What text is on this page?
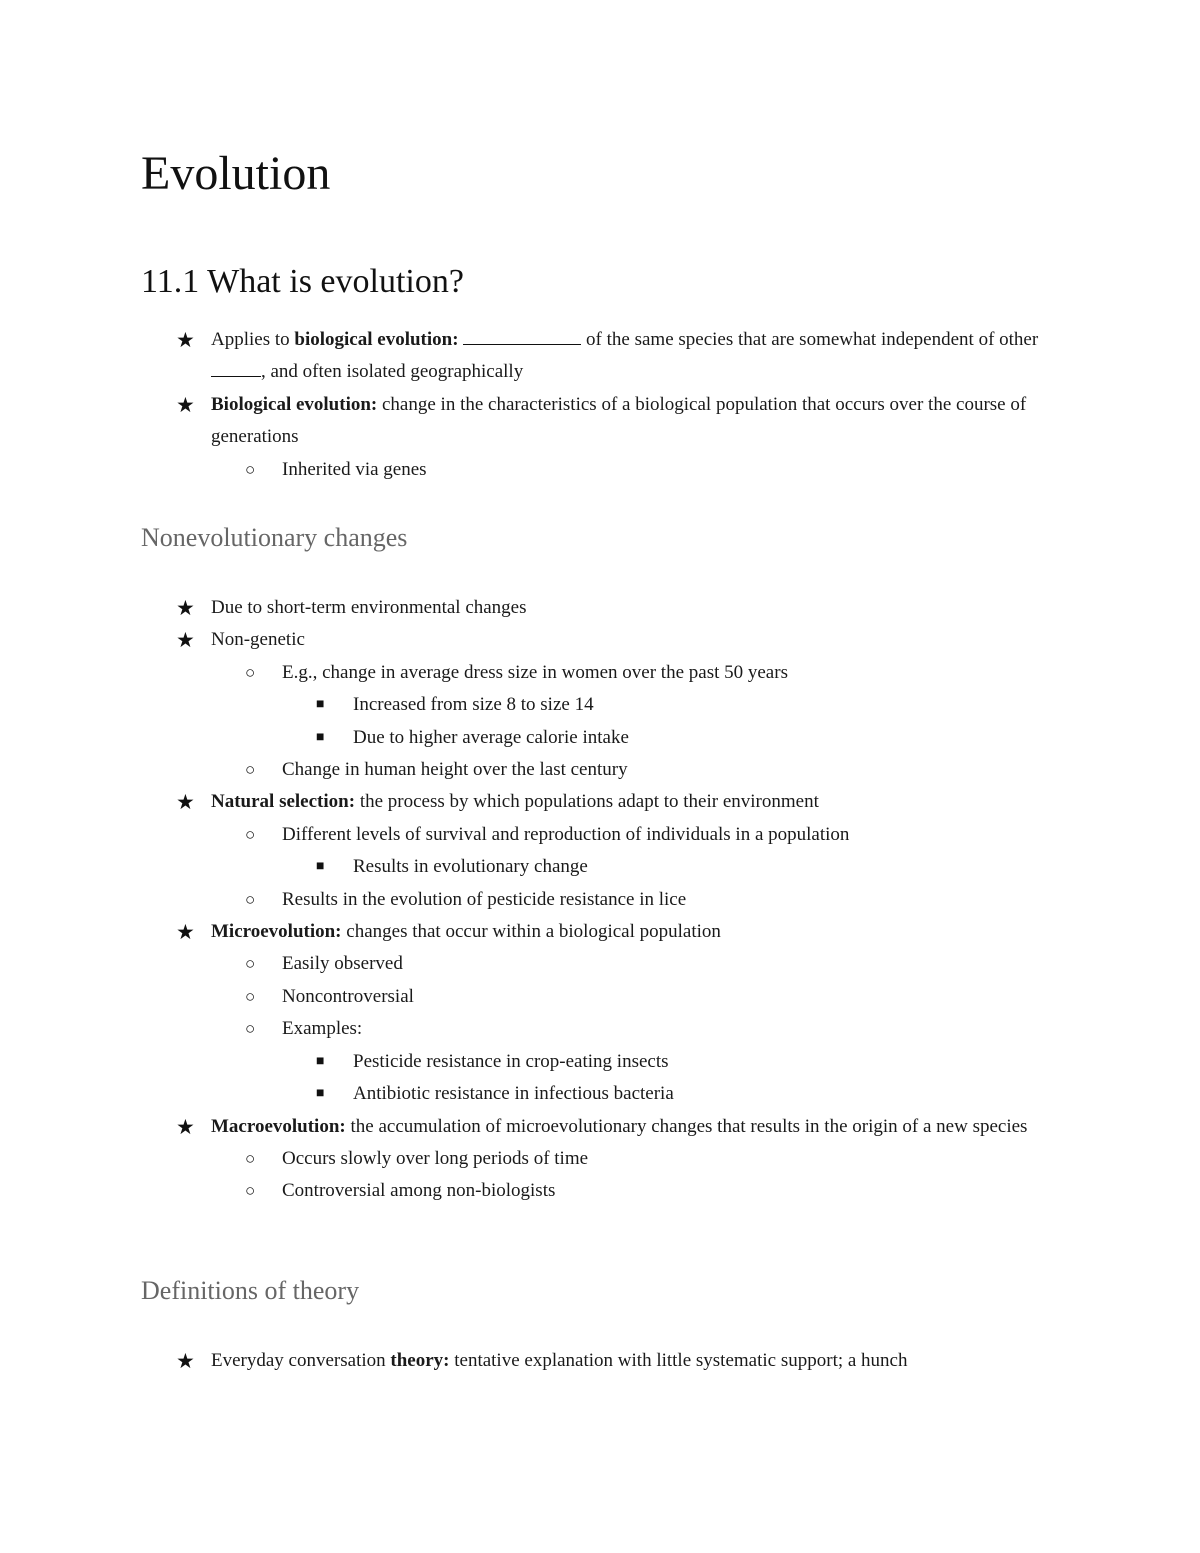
Evolution
11.1 What is evolution?
★ Applies to biological evolution:	of the same species that are somewhat independent of other , and often isolated geographically
★ Biological evolution: change in the characteristics of a biological population that occurs over the course of generations
○ Inherited via genes
Nonevolutionary changes
★ Due to short-term environmental changes
★ Non-genetic
○ E.g., change in average dress size in women over the past 50 years
■ Increased from size 8 to size 14
■ Due to higher average calorie intake
○ Change in human height over the last century
★ Natural selection: the process by which populations adapt to their environment
○ Different levels of survival and reproduction of individuals in a population
■ Results in evolutionary change
○ Results in the evolution of pesticide resistance in lice
★ Microevolution: changes that occur within a biological population
○ Easily observed
○ Noncontroversial
○ Examples:
■ Pesticide resistance in crop-eating insects
■ Antibiotic resistance in infectious bacteria
★ Macroevolution: the accumulation of microevolutionary changes that results in the origin of a new species
○ Occurs slowly over long periods of time
○ Controversial among non-biologists
Definitions of theory
★ Everyday conversation theory: tentative explanation with little systematic support; a hunch
